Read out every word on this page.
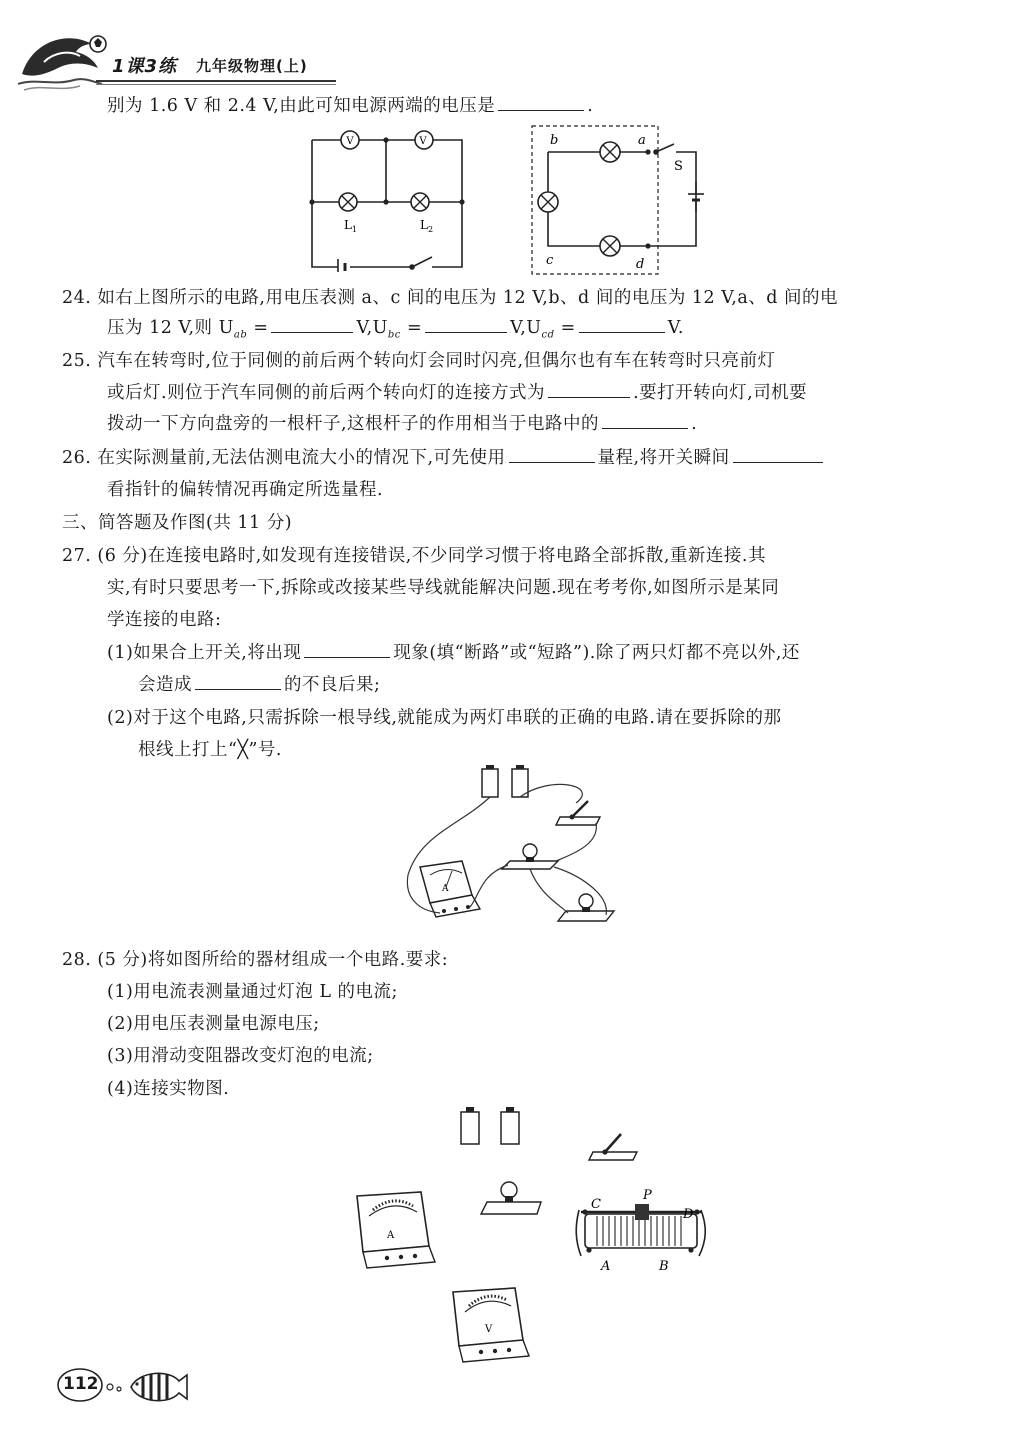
1课3练 九年级物理(上)
别为 1.6 V 和 2.4 V,由此可知电源两端的电压是	.
V	V
L 1	L 2
b	a
c	d
S
24. 如右上图所示的电路,用电压表测 a、c 间的电压为 12 V,b、d 间的电压为 12 V,a、d 间的电
压为 12 V,则 $U_{ab}$ =	$V,U_{bc}$ =	$V,U_{cd}$ =	V.
25. 汽车在转弯时,位于同侧的前后两个转向灯会同时闪亮,但偶尔也有车在转弯时只亮前灯
或后灯.则位于汽车同侧的前后两个转向灯的连接方式为	.要打开转向灯,司机要
拨动一下方向盘旁的一根杆子,这根杆子的作用相当于电路中的	.
26. 在实际测量前,无法估测电流大小的情况下,可先使用	量程,将开关瞬间
看指针的偏转情况再确定所选量程.
三、简答题及作图(共 11 分)
27. (6 分)在连接电路时,如发现有连接错误,不少同学习惯于将电路全部拆散,重新连接.其
实,有时只要思考一下,拆除或改接某些导线就能解决问题.现在考考你,如图所示是某同
学连接的电路:
(1)如果合上开关,将出现	现象(填“断路”或“短路”).除了两只灯都不亮以外,还
会造成	的不良后果;
(2)对于这个电路,只需拆除一根导线,就能成为两灯串联的正确的电路.请在要拆除的那
根线上打上“╳”号.
A
28. (5 分)将如图所给的器材组成一个电路.要求:
(1)用电流表测量通过灯泡 L 的电流;
(2)用电压表测量电源电压;
(3)用滑动变阻器改变灯泡的电流;
(4)连接实物图.
A
C
P
D
A	B
V
112
